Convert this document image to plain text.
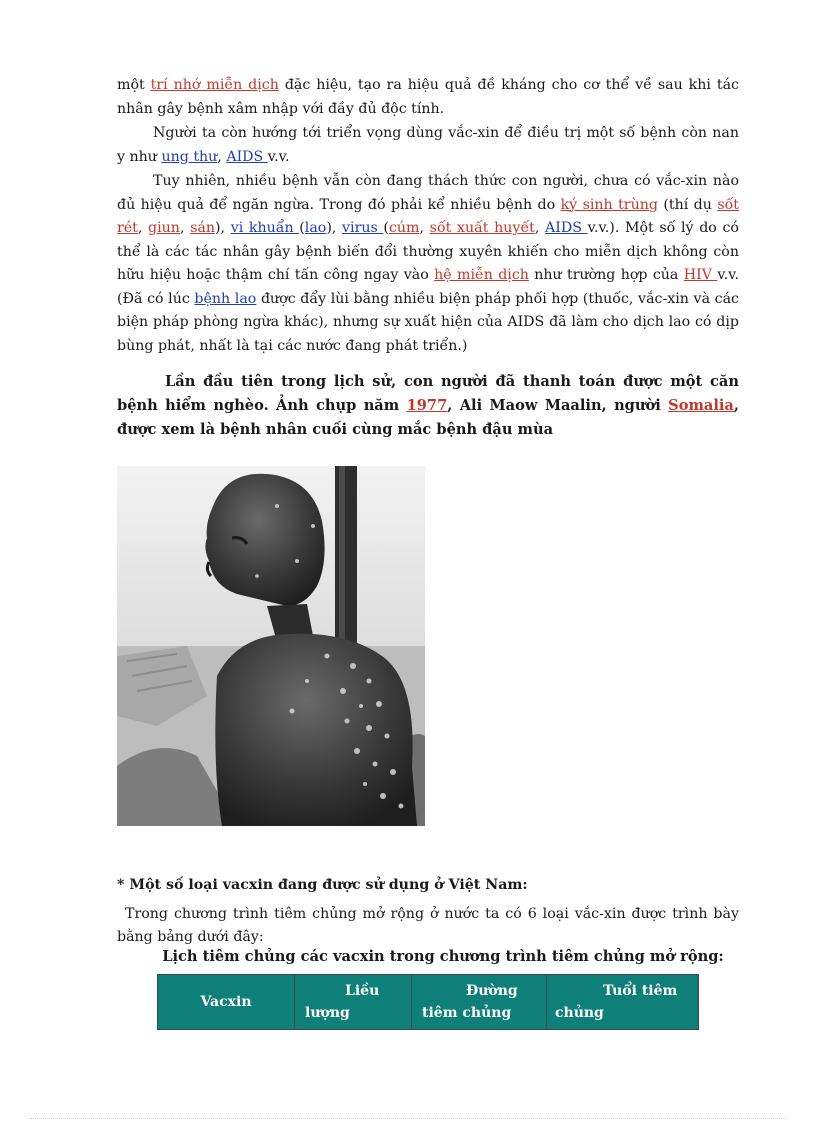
một trí nhớ miễn dịch đặc hiệu, tạo ra hiệu quả đề kháng cho cơ thể về sau khi tác nhân gây bệnh xâm nhập với đầy đủ độc tính.

Người ta còn hướng tới triển vọng dùng vắc-xin để điều trị một số bệnh còn nan y như ung thư, AIDS v.v.

Tuy nhiên, nhiều bệnh vẫn còn đang thách thức con người, chưa có vắc-xin nào đủ hiệu quả để ngăn ngừa. Trong đó phải kể nhiều bệnh do ký sinh trùng (thí dụ sốt rét, giun, sán), vi khuẩn (lao), virus (cúm, sốt xuất huyết, AIDS v.v.). Một số lý do có thể là các tác nhân gây bệnh biến đổi thường xuyên khiến cho miễn dịch không còn hữu hiệu hoặc thậm chí tấn công ngay vào hệ miễn dịch như trường hợp của HIV v.v. (Đã có lúc bệnh lao được đẩy lùi bằng nhiều biện pháp phối hợp (thuốc, vắc-xin và các biện pháp phòng ngừa khác), nhưng sự xuất hiện của AIDS đã làm cho dịch lao có dịp bùng phát, nhất là tại các nước đang phát triển.)

Lần đầu tiên trong lịch sử, con người đã thanh toán được một căn bệnh hiểm nghèo. Ảnh chụp năm 1977, Ali Maow Maalin, người Somalia, được xem là bệnh nhân cuối cùng mắc bệnh đậu mùa

* Một số loại vacxin đang được sử dụng ở Việt Nam:

Trong chương trình tiêm chủng mở rộng ở nước ta có 6 loại vắc-xin được trình bày bằng bảng dưới đây:

Lịch tiêm chủng các vacxin trong chương trình tiêm chủng mở rộng:

Vacxin	Liều lượng	Đường tiêm chủng	Tuổi tiêm chủng
